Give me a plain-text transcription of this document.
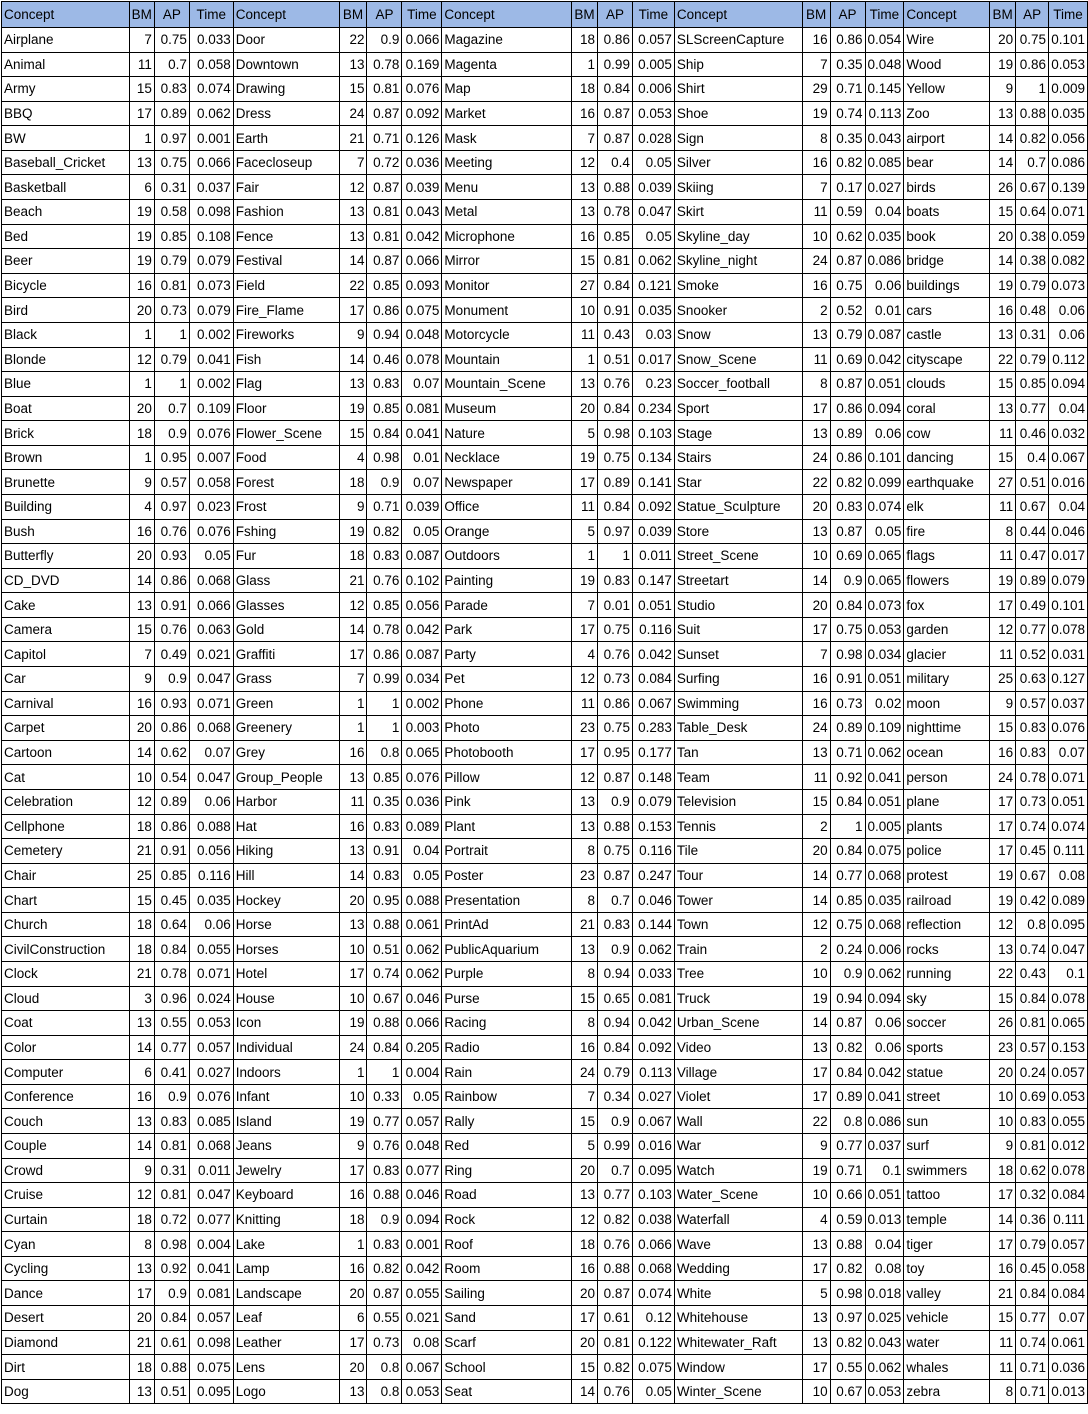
Concept	BM	AP	Time	Concept	BM	AP	Time	Concept	BM	AP	Time	Concept	BM	AP	Time	Concept	BM	AP	Time
Airplane	7	0.75	0.033	Door	22	0.9	0.066	Magazine	18	0.86	0.057	SLScreenCapture	16	0.86	0.054	Wire	20	0.75	0.101
Animal	11	0.7	0.058	Downtown	13	0.78	0.169	Magenta	1	0.99	0.005	Ship	7	0.35	0.048	Wood	19	0.86	0.053
Army	15	0.83	0.074	Drawing	15	0.81	0.076	Map	18	0.84	0.006	Shirt	29	0.71	0.145	Yellow	9	1	0.009
BBQ	17	0.89	0.062	Dress	24	0.87	0.092	Market	16	0.87	0.053	Shoe	19	0.74	0.113	Zoo	13	0.88	0.035
BW	1	0.97	0.001	Earth	21	0.71	0.126	Mask	7	0.87	0.028	Sign	8	0.35	0.043	airport	14	0.82	0.056
Baseball_Cricket	13	0.75	0.066	Facecloseup	7	0.72	0.036	Meeting	12	0.4	0.05	Silver	16	0.82	0.085	bear	14	0.7	0.086
Basketball	6	0.31	0.037	Fair	12	0.87	0.039	Menu	13	0.88	0.039	Skiing	7	0.17	0.027	birds	26	0.67	0.139
Beach	19	0.58	0.098	Fashion	13	0.81	0.043	Metal	13	0.78	0.047	Skirt	11	0.59	0.04	boats	15	0.64	0.071
Bed	19	0.85	0.108	Fence	13	0.81	0.042	Microphone	16	0.85	0.05	Skyline_day	10	0.62	0.035	book	20	0.38	0.059
Beer	19	0.79	0.079	Festival	14	0.87	0.066	Mirror	15	0.81	0.062	Skyline_night	24	0.87	0.086	bridge	14	0.38	0.082
Bicycle	16	0.81	0.073	Field	22	0.85	0.093	Monitor	27	0.84	0.121	Smoke	16	0.75	0.06	buildings	19	0.79	0.073
Bird	20	0.73	0.079	Fire_Flame	17	0.86	0.075	Monument	10	0.91	0.035	Snooker	2	0.52	0.01	cars	16	0.48	0.06
Black	1	1	0.002	Fireworks	9	0.94	0.048	Motorcycle	11	0.43	0.03	Snow	13	0.79	0.087	castle	13	0.31	0.06
Blonde	12	0.79	0.041	Fish	14	0.46	0.078	Mountain	1	0.51	0.017	Snow_Scene	11	0.69	0.042	cityscape	22	0.79	0.112
Blue	1	1	0.002	Flag	13	0.83	0.07	Mountain_Scene	13	0.76	0.23	Soccer_football	8	0.87	0.051	clouds	15	0.85	0.094
Boat	20	0.7	0.109	Floor	19	0.85	0.081	Museum	20	0.84	0.234	Sport	17	0.86	0.094	coral	13	0.77	0.04
Brick	18	0.9	0.076	Flower_Scene	15	0.84	0.041	Nature	5	0.98	0.103	Stage	13	0.89	0.06	cow	11	0.46	0.032
Brown	1	0.95	0.007	Food	4	0.98	0.01	Necklace	19	0.75	0.134	Stairs	24	0.86	0.101	dancing	15	0.4	0.067
Brunette	9	0.57	0.058	Forest	18	0.9	0.07	Newspaper	17	0.89	0.141	Star	22	0.82	0.099	earthquake	27	0.51	0.016
Building	4	0.97	0.023	Frost	9	0.71	0.039	Office	11	0.84	0.092	Statue_Sculpture	20	0.83	0.074	elk	11	0.67	0.04
Bush	16	0.76	0.076	Fshing	19	0.82	0.05	Orange	5	0.97	0.039	Store	13	0.87	0.05	fire	8	0.44	0.046
Butterfly	20	0.93	0.05	Fur	18	0.83	0.087	Outdoors	1	1	0.011	Street_Scene	10	0.69	0.065	flags	11	0.47	0.017
CD_DVD	14	0.86	0.068	Glass	21	0.76	0.102	Painting	19	0.83	0.147	Streetart	14	0.9	0.065	flowers	19	0.89	0.079
Cake	13	0.91	0.066	Glasses	12	0.85	0.056	Parade	7	0.01	0.051	Studio	20	0.84	0.073	fox	17	0.49	0.101
Camera	15	0.76	0.063	Gold	14	0.78	0.042	Park	17	0.75	0.116	Suit	17	0.75	0.053	garden	12	0.77	0.078
Capitol	7	0.49	0.021	Graffiti	17	0.86	0.087	Party	4	0.76	0.042	Sunset	7	0.98	0.034	glacier	11	0.52	0.031
Car	9	0.9	0.047	Grass	7	0.99	0.034	Pet	12	0.73	0.084	Surfing	16	0.91	0.051	military	25	0.63	0.127
Carnival	16	0.93	0.071	Green	1	1	0.002	Phone	11	0.86	0.067	Swimming	16	0.73	0.02	moon	9	0.57	0.037
Carpet	20	0.86	0.068	Greenery	1	1	0.003	Photo	23	0.75	0.283	Table_Desk	24	0.89	0.109	nighttime	15	0.83	0.076
Cartoon	14	0.62	0.07	Grey	16	0.8	0.065	Photobooth	17	0.95	0.177	Tan	13	0.71	0.062	ocean	16	0.83	0.07
Cat	10	0.54	0.047	Group_People	13	0.85	0.076	Pillow	12	0.87	0.148	Team	11	0.92	0.041	person	24	0.78	0.071
Celebration	12	0.89	0.06	Harbor	11	0.35	0.036	Pink	13	0.9	0.079	Television	15	0.84	0.051	plane	17	0.73	0.051
Cellphone	18	0.86	0.088	Hat	16	0.83	0.089	Plant	13	0.88	0.153	Tennis	2	1	0.005	plants	17	0.74	0.074
Cemetery	21	0.91	0.056	Hiking	13	0.91	0.04	Portrait	8	0.75	0.116	Tile	20	0.84	0.075	police	17	0.45	0.111
Chair	25	0.85	0.116	Hill	14	0.83	0.05	Poster	23	0.87	0.247	Tour	14	0.77	0.068	protest	19	0.67	0.08
Chart	15	0.45	0.035	Hockey	20	0.95	0.088	Presentation	8	0.7	0.046	Tower	14	0.85	0.035	railroad	19	0.42	0.089
Church	18	0.64	0.06	Horse	13	0.88	0.061	PrintAd	21	0.83	0.144	Town	12	0.75	0.068	reflection	12	0.8	0.095
CivilConstruction	18	0.84	0.055	Horses	10	0.51	0.062	PublicAquarium	13	0.9	0.062	Train	2	0.24	0.006	rocks	13	0.74	0.047
Clock	21	0.78	0.071	Hotel	17	0.74	0.062	Purple	8	0.94	0.033	Tree	10	0.9	0.062	running	22	0.43	0.1
Cloud	3	0.96	0.024	House	10	0.67	0.046	Purse	15	0.65	0.081	Truck	19	0.94	0.094	sky	15	0.84	0.078
Coat	13	0.55	0.053	Icon	19	0.88	0.066	Racing	8	0.94	0.042	Urban_Scene	14	0.87	0.06	soccer	26	0.81	0.065
Color	14	0.77	0.057	Individual	24	0.84	0.205	Radio	16	0.84	0.092	Video	13	0.82	0.06	sports	23	0.57	0.153
Computer	6	0.41	0.027	Indoors	1	1	0.004	Rain	24	0.79	0.113	Village	17	0.84	0.042	statue	20	0.24	0.057
Conference	16	0.9	0.076	Infant	10	0.33	0.05	Rainbow	7	0.34	0.027	Violet	17	0.89	0.041	street	10	0.69	0.053
Couch	13	0.83	0.085	Island	19	0.77	0.057	Rally	15	0.9	0.067	Wall	22	0.8	0.086	sun	10	0.83	0.055
Couple	14	0.81	0.068	Jeans	9	0.76	0.048	Red	5	0.99	0.016	War	9	0.77	0.037	surf	9	0.81	0.012
Crowd	9	0.31	0.011	Jewelry	17	0.83	0.077	Ring	20	0.7	0.095	Watch	19	0.71	0.1	swimmers	18	0.62	0.078
Cruise	12	0.81	0.047	Keyboard	16	0.88	0.046	Road	13	0.77	0.103	Water_Scene	10	0.66	0.051	tattoo	17	0.32	0.084
Curtain	18	0.72	0.077	Knitting	18	0.9	0.094	Rock	12	0.82	0.038	Waterfall	4	0.59	0.013	temple	14	0.36	0.111
Cyan	8	0.98	0.004	Lake	1	0.83	0.001	Roof	18	0.76	0.066	Wave	13	0.88	0.04	tiger	17	0.79	0.057
Cycling	13	0.92	0.041	Lamp	16	0.82	0.042	Room	16	0.88	0.068	Wedding	17	0.82	0.08	toy	16	0.45	0.058
Dance	17	0.9	0.081	Landscape	20	0.87	0.055	Sailing	20	0.87	0.074	White	5	0.98	0.018	valley	21	0.84	0.084
Desert	20	0.84	0.057	Leaf	6	0.55	0.021	Sand	17	0.61	0.12	Whitehouse	13	0.97	0.025	vehicle	15	0.77	0.07
Diamond	21	0.61	0.098	Leather	17	0.73	0.08	Scarf	20	0.81	0.122	Whitewater_Raft	13	0.82	0.043	water	11	0.74	0.061
Dirt	18	0.88	0.075	Lens	20	0.8	0.067	School	15	0.82	0.075	Window	17	0.55	0.062	whales	11	0.71	0.036
Dog	13	0.51	0.095	Logo	13	0.8	0.053	Seat	14	0.76	0.05	Winter_Scene	10	0.67	0.053	zebra	8	0.71	0.013
